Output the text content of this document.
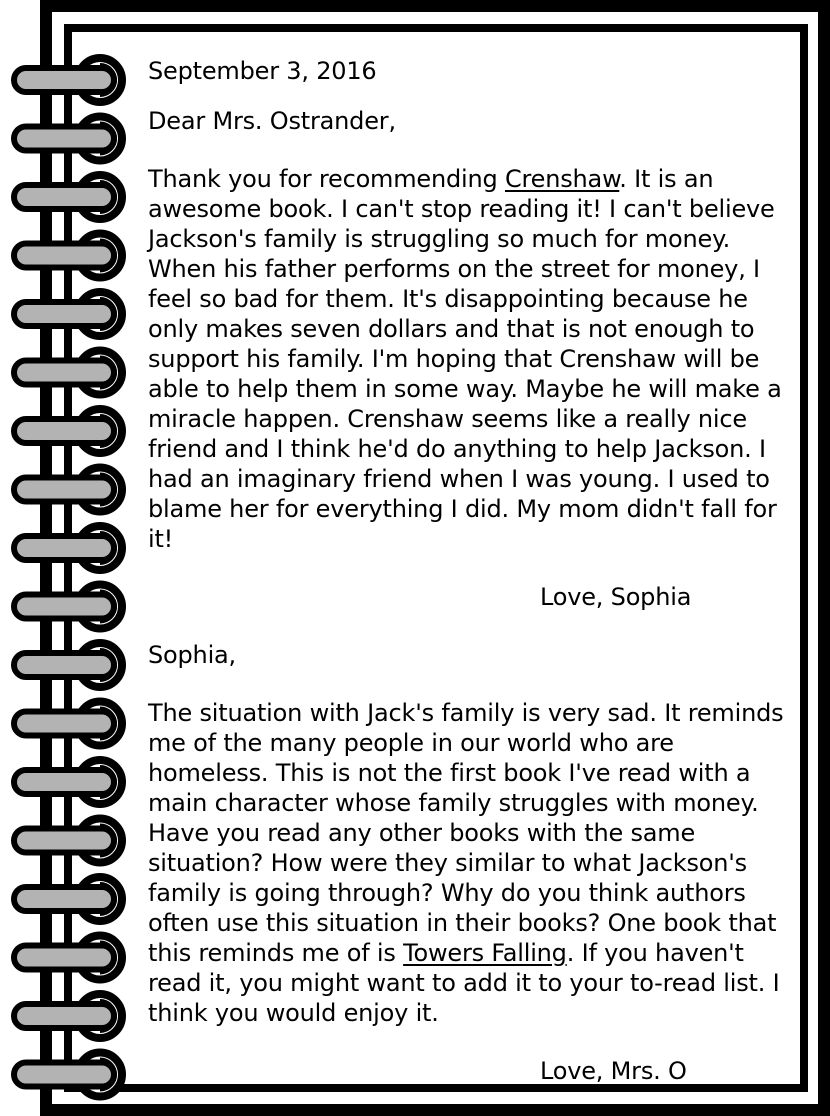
September 3, 2016

Dear Mrs. Ostrander,

Thank you for recommending Crenshaw. It is an awesome book. I can't stop reading it! I can't believe Jackson's family is struggling so much for money. When his father performs on the street for money, I feel so bad for them. It's disappointing because he only makes seven dollars and that is not enough to support his family. I'm hoping that Crenshaw will be able to help them in some way. Maybe he will make a miracle happen. Crenshaw seems like a really nice friend and I think he'd do anything to help Jackson. I had an imaginary friend when I was young. I used to blame her for everything I did. My mom didn't fall for it!

Love, Sophia

Sophia,

The situation with Jack's family is very sad. It reminds me of the many people in our world who are homeless. This is not the first book I've read with a main character whose family struggles with money. Have you read any other books with the same situation? How were they similar to what Jackson's family is going through? Why do you think authors often use this situation in their books? One book that this reminds me of is Towers Falling. If you haven't read it, you might want to add it to your to-read list. I think you would enjoy it.

Love, Mrs. O
